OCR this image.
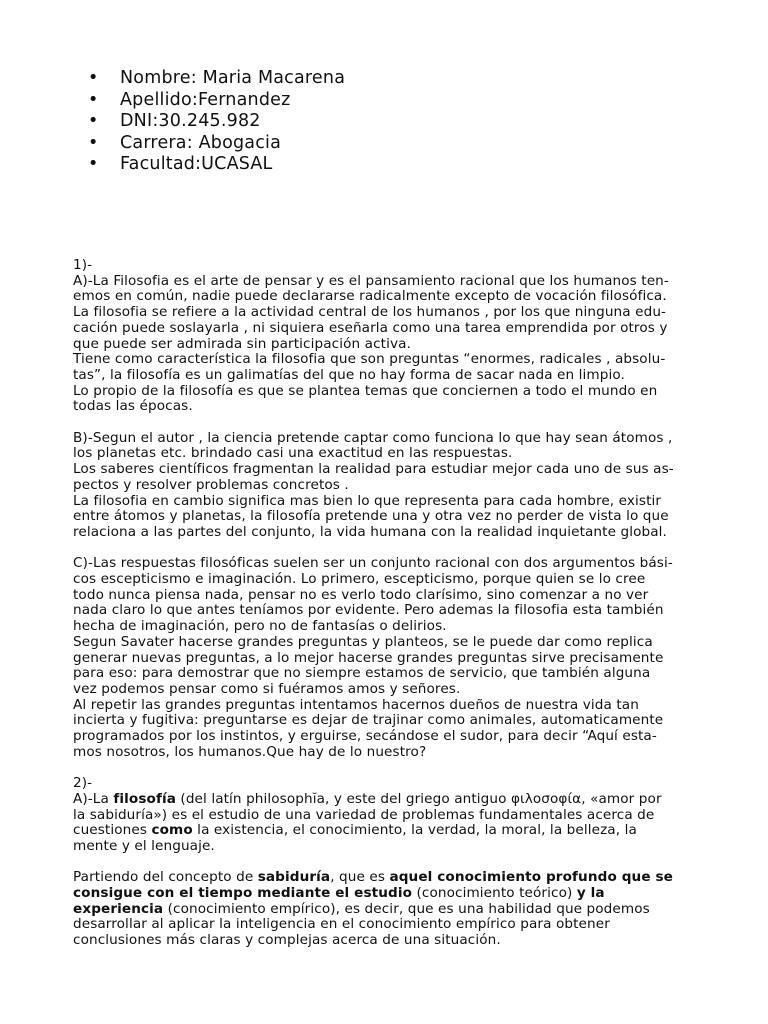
•	Nombre: Maria Macarena
•	Apellido:Fernandez
•	DNI:30.245.982
•	Carrera: Abogacia
•	Facultad:UCASAL
1)-
A)-La Filosofia es el arte de pensar y es el pansamiento racional que los humanos ten-
emos en común, nadie puede declararse radicalmente excepto de vocación filosófica.
La filosofia se refiere a la actividad central de los humanos , por los que ninguna edu-
cación puede soslayarla , ni siquiera eseñarla como una tarea emprendida por otros y
que puede ser admirada sin participación activa.
Tiene como característica la filosofia que son preguntas “enormes, radicales , absolu-
tas”, la filosofía es un galimatías del que no hay forma de sacar nada en limpio.
Lo propio de la filosofía es que se plantea temas que conciernen a todo el mundo en
todas las épocas.
B)-Segun el autor , la ciencia pretende captar como funciona lo que hay sean átomos ,
los planetas etc. brindado casi una exactitud en las respuestas.
Los saberes científicos fragmentan la realidad para estudiar mejor cada uno de sus as-
pectos y resolver problemas concretos .
La filosofia en cambio significa mas bien lo que representa para cada hombre, existir
entre átomos y planetas, la filosofía pretende una y otra vez no perder de vista lo que
relaciona a las partes del conjunto, la vida humana con la realidad inquietante global.
C)-Las respuestas filosóficas suelen ser un conjunto racional con dos argumentos bási-
cos escepticismo e imaginación. Lo primero, escepticismo, porque quien se lo cree
todo nunca piensa nada, pensar no es verlo todo clarísimo, sino comenzar a no ver
nada claro lo que antes teníamos por evidente. Pero ademas la filosofia esta también
hecha de imaginación, pero no de fantasías o delirios.
Segun Savater hacerse grandes preguntas y planteos, se le puede dar como replica
generar nuevas preguntas, a lo mejor hacerse grandes preguntas sirve precisamente
para eso: para demostrar que no siempre estamos de servicio, que también alguna
vez podemos pensar como si fuéramos amos y señores.
Al repetir las grandes preguntas intentamos hacernos dueños de nuestra vida tan
incierta y fugitiva: preguntarse es dejar de trajinar como animales, automaticamente
programados por los instintos, y erguirse, secándose el sudor, para decir “Aquí esta-
mos nosotros, los humanos.Que hay de lo nuestro?
2)-
A)-La filosofía (del latín philosophĭa, y este del griego antiguo φιλοσοφία, «amor por
la sabiduría») es el estudio de una variedad de problemas fundamentales acerca de
cuestiones como la existencia, el conocimiento, la verdad, la moral, la belleza, la
mente y el lenguaje.
Partiendo del concepto de sabiduría, que es aquel conocimiento profundo que se
consigue con el tiempo mediante el estudio (conocimiento teórico) y la
experiencia (conocimiento empírico), es decir, que es una habilidad que podemos
desarrollar al aplicar la inteligencia en el conocimiento empírico para obtener
conclusiones más claras y complejas acerca de una situación.
